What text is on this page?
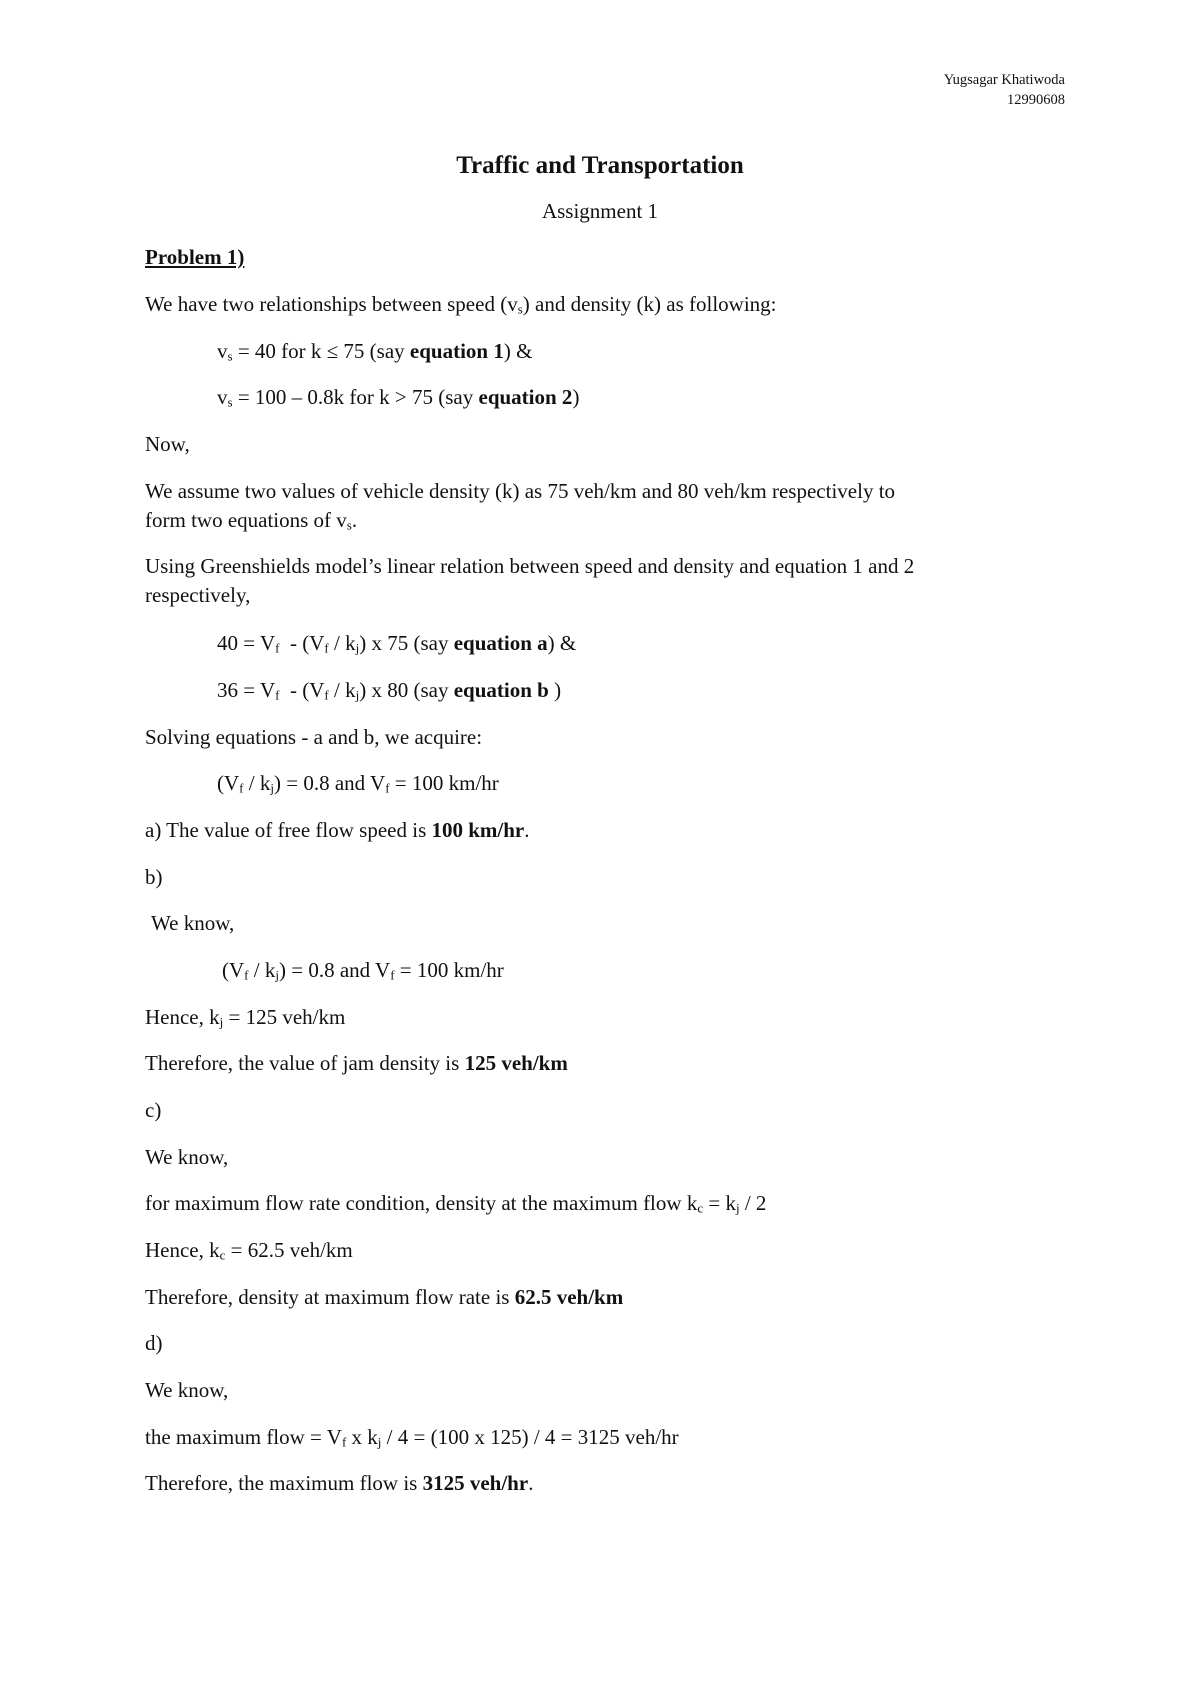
Yugsagar Khatiwoda
12990608
Traffic and Transportation
Assignment 1
Problem 1)
We have two relationships between speed (vs) and density (k) as following:
vs = 40 for k ≤ 75 (say equation 1) &
vs = 100 – 0.8k for k > 75 (say equation 2)
Now,
We assume two values of vehicle density (k) as 75 veh/km and 80 veh/km respectively to
form two equations of vs.
Using Greenshields model’s linear relation between speed and density and equation 1 and 2
respectively,
40 = Vf  - (Vf / kj) x 75 (say equation a) &
36 = Vf  - (Vf / kj) x 80 (say equation b )
Solving equations - a and b, we acquire:
(Vf / kj) = 0.8 and Vf = 100 km/hr
a) The value of free flow speed is 100 km/hr.
b)
We know,
(Vf / kj) = 0.8 and Vf = 100 km/hr
Hence, kj = 125 veh/km
Therefore, the value of jam density is 125 veh/km
c)
We know,
for maximum flow rate condition, density at the maximum flow kc = kj / 2
Hence, kc = 62.5 veh/km
Therefore, density at maximum flow rate is 62.5 veh/km
d)
We know,
the maximum flow = Vf x kj / 4 = (100 x 125) / 4 = 3125 veh/hr
Therefore, the maximum flow is 3125 veh/hr.
